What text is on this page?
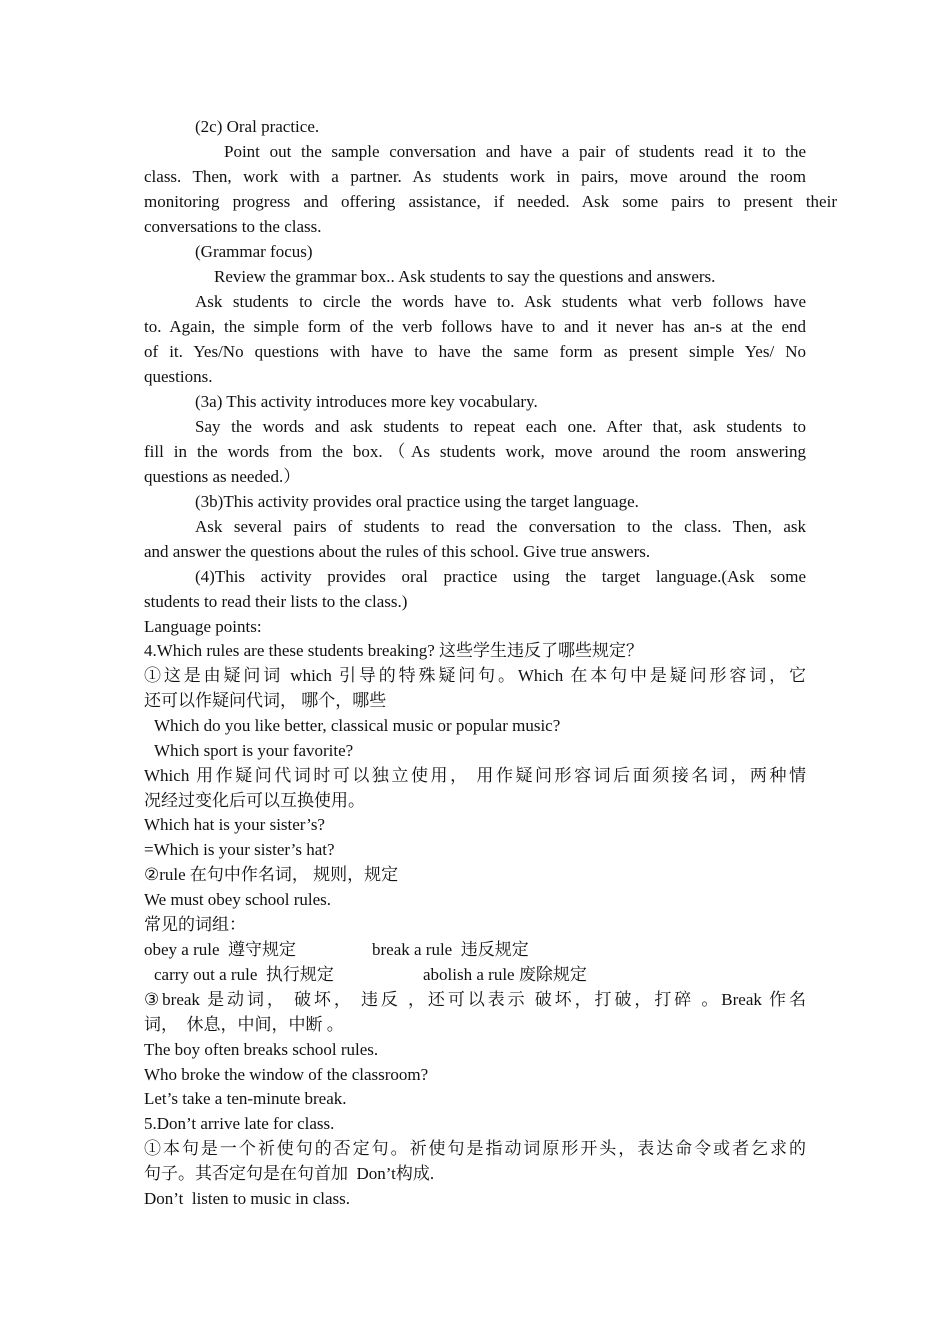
(2c) Oral practice.
Point out the sample conversation and have a pair of students read it to the
class. Then, work with a partner. As students work in pairs, move around the room
monitoring progress and offering assistance, if needed. Ask some pairs to present their
conversations to the class.
(Grammar focus)
Review the grammar box.. Ask students to say the questions and answers.
Ask students to circle the words have to. Ask students what verb follows have
to. Again, the simple form of the verb follows have to and it never has an-s at the end
of it. Yes/No questions with have to have the same form as present simple Yes/ No
questions.
(3a) This activity introduces more key vocabulary.
Say the words and ask students to repeat each one. After that, ask students to
fill in the words from the box.（As students work, move around the room answering
questions as needed.）
(3b)This activity provides oral practice using the target language.
Ask several pairs of students to read the conversation to the class. Then, ask
and answer the questions about the rules of this school. Give true answers.
(4)This activity provides oral practice using the target language.(Ask some
students to read their lists to the class.)
Language points:
4.Which rules are these students breaking? 这些学生违反了哪些规定？
①这是由疑问词 which 引导的特殊疑问句。Which 在本句中是疑问形容词，它
还可以作疑问代词， 哪个，哪些
Which do you like better, classical music or popular music?
Which sport is your favorite?
Which 用作疑问代词时可以独立使用， 用作疑问形容词后面须接名词，两种情
况经过变化后可以互换使用。
Which hat is your sister’s?
=Which is your sister’s hat?
②rule 在句中作名词， 规则，规定
We must obey school rules.
常见的词组：
obey a rule  遵守规定	break a rule  违反规定
carry out a rule  执行规定	abolish a rule 废除规定
③break 是动词， 破坏， 违反 ，还可以表示 破坏，打破，打碎 。Break 作名
词，  休息，中间，中断 。
The boy often breaks school rules.
Who broke the window of the classroom?
Let’s take a ten-minute break.
5.Don’t arrive late for class.
①本句是一个祈使句的否定句。祈使句是指动词原形开头，表达命令或者乞求的
句子。其否定句是在句首加  Don’t构成.
Don’t  listen to music in class.
